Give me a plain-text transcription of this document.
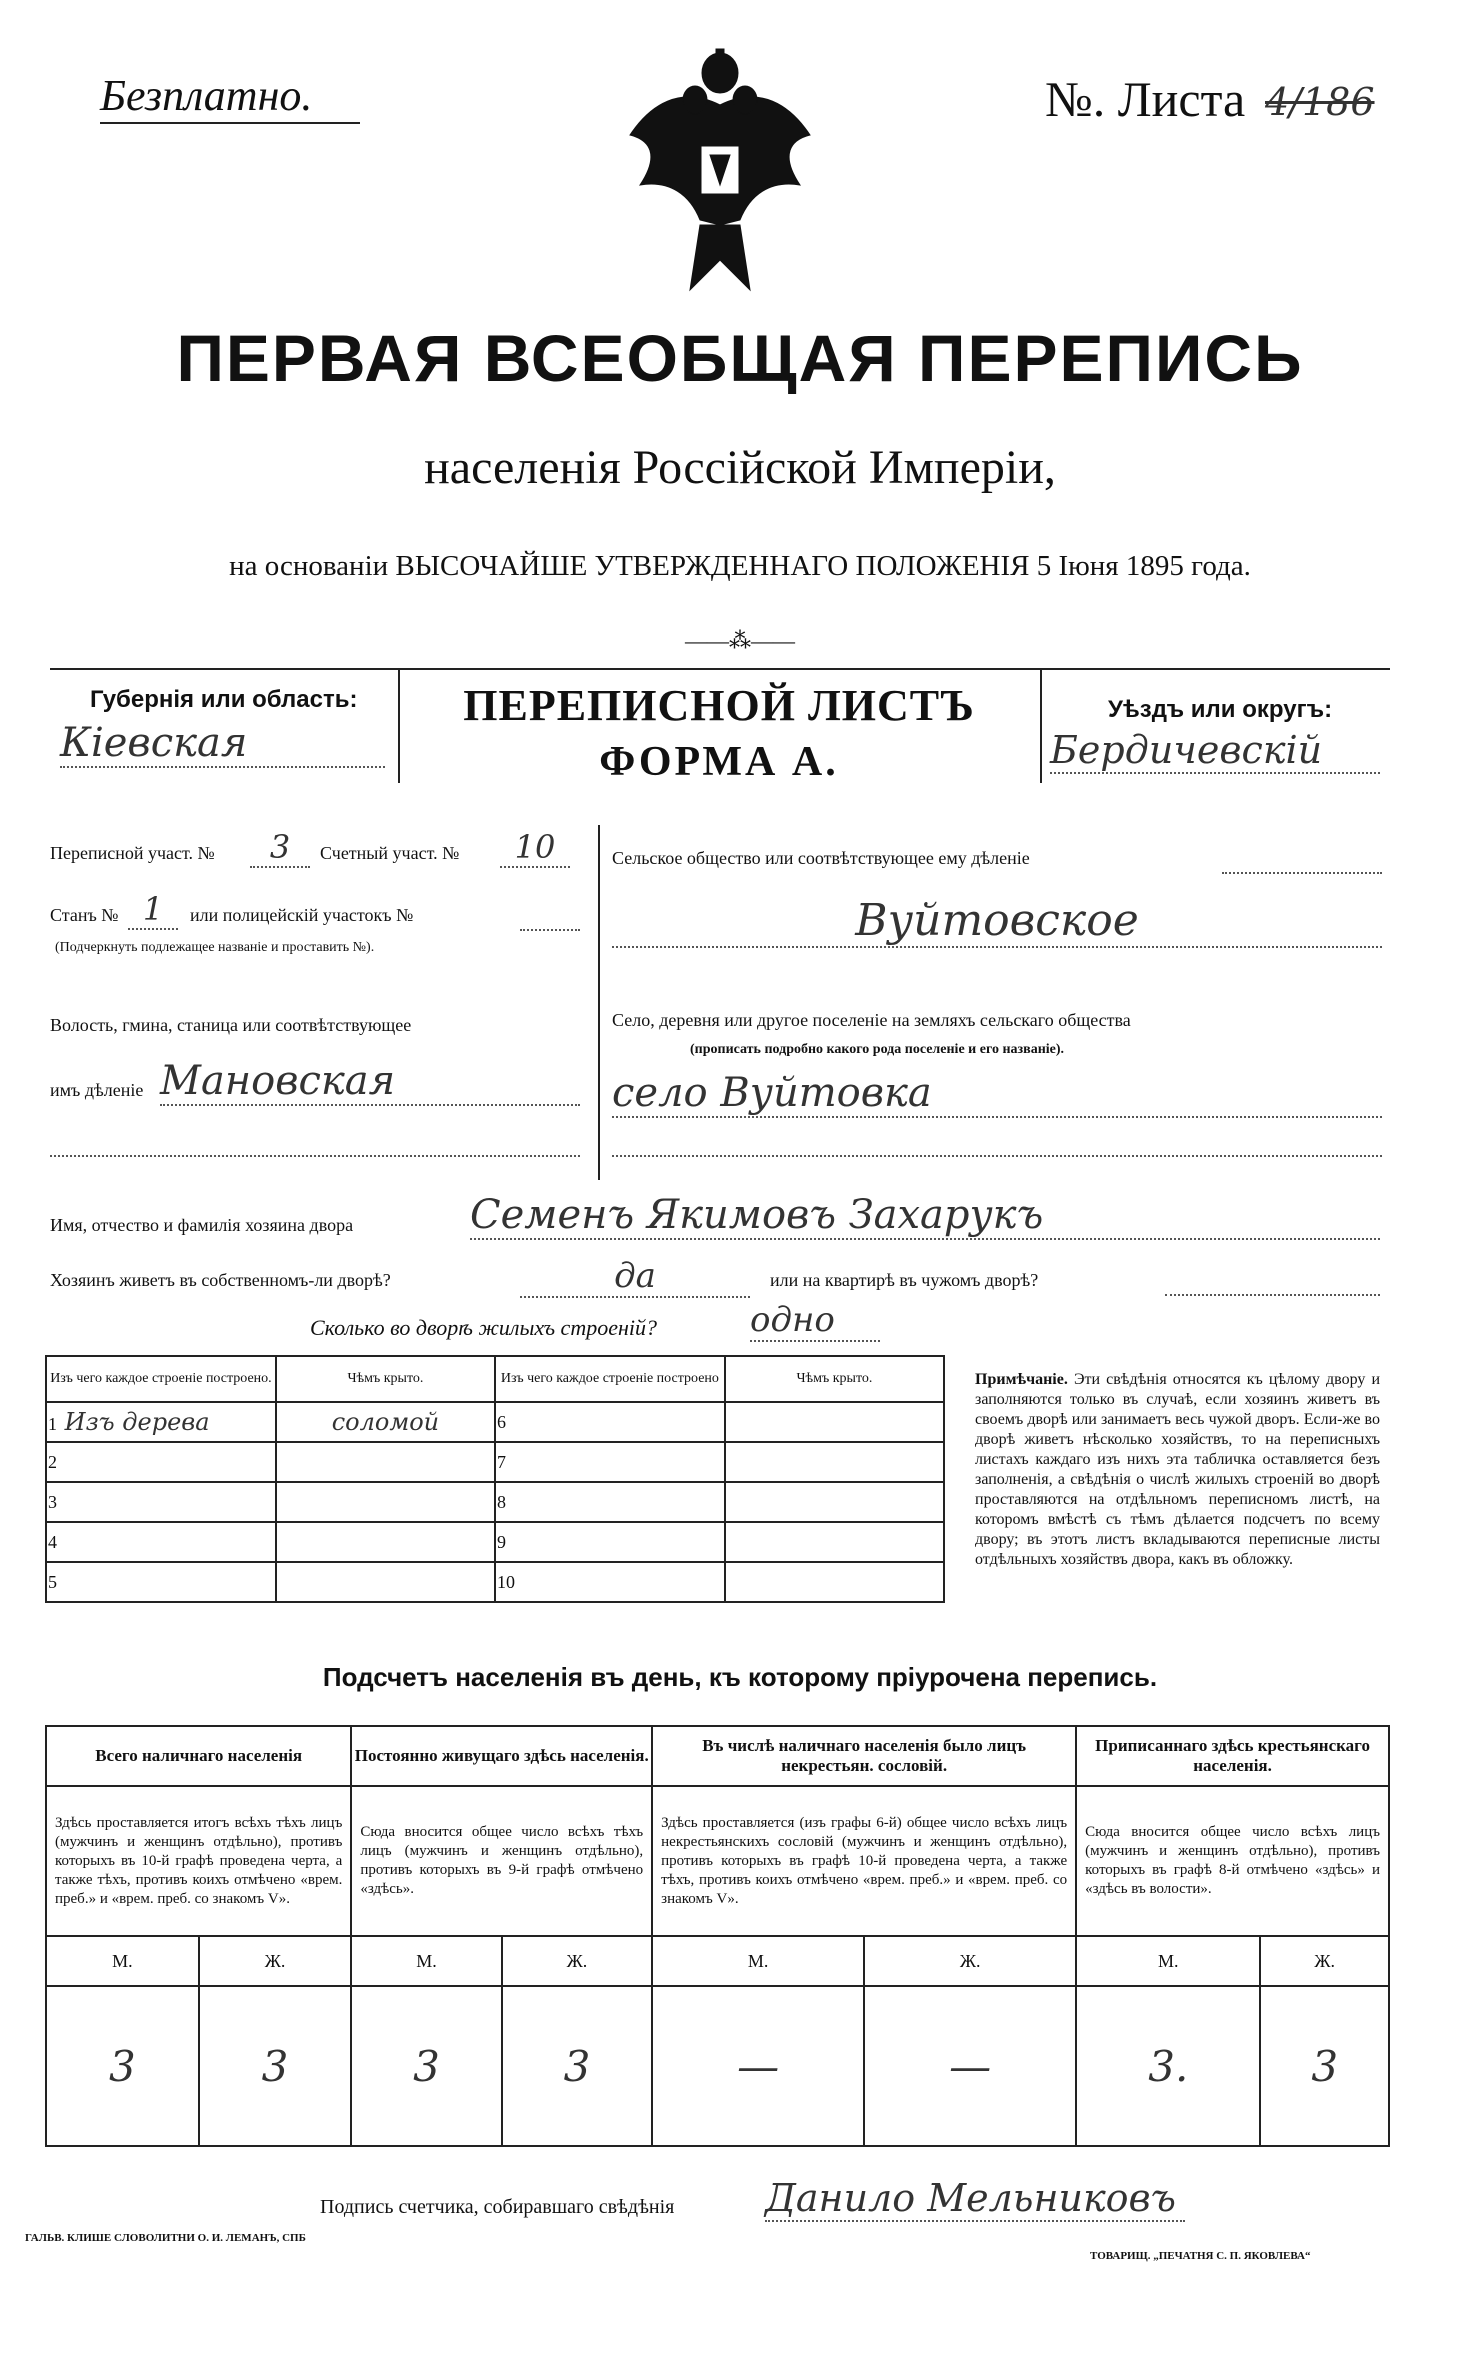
Безплатно.	№. Листа 4/186
ПЕРВАЯ ВСЕОБЩАЯ ПЕРЕПИСЬ
населенія Россійской Имперіи,
на основаніи ВЫСОЧАЙШЕ УТВЕРЖДЕННАГО ПОЛОЖЕНІЯ 5 Іюня 1895 года.
——⁂——
Губернія или область:
Кіевская
ПЕРЕПИСНОЙ ЛИСТЪ
ФОРМА А.
Уѣздъ или округъ:
Бердичевскій
Переписной участ. №	3	Счетный участ. №	10
Станъ № 1	или полицейскій участокъ №
(Подчеркнуть подлежащее названіе и проставить №).
Волость, гмина, станица или соотвѣтствующее
имъ дѣленіе Мановская
Сельское общество или соотвѣтствующее ему дѣленіе
Вуйтовское
Село, деревня или другое поселеніе на земляхъ сельскаго общества
(прописать подробно какого рода поселеніе и его названіе).
село Вуйтовка
Имя, отчество и фамилія хозяина двора	Семенъ Якимовъ Захарукъ
Хозяинъ живетъ въ собственномъ-ли дворѣ?	да	или на квартирѣ въ чужомъ дворѣ?
Сколько во дворѣ жилыхъ строеній?	одно
Изъ чего каждое строеніе построено.	Чѣмъ крыто.	Изъ чего каждое строеніе построено	Чѣмъ крыто.
1 Изъ дерева	соломой	6	
2		7	
3		8	
4		9	
5		10	
Примѣчаніе. Эти свѣдѣнія относятся къ цѣлому двору и заполняются только въ случаѣ, если хозяинъ живетъ въ своемъ дворѣ или занимаетъ весь чужой дворъ. Если-же во дворѣ живетъ нѣсколько хозяйствъ, то на переписныхъ листахъ каждаго изъ нихъ эта табличка оставляется безъ заполненія, а свѣдѣнія о числѣ жилыхъ строеній во дворѣ проставляются на отдѣльномъ переписномъ листѣ, на которомъ вмѣстѣ съ тѣмъ дѣлается подсчетъ по всему двору; въ этотъ листъ вкладываются переписные листы отдѣльныхъ хозяйствъ двора, какъ въ обложку.
Подсчетъ населенія въ день, къ которому пріурочена перепись.
Всего наличнаго населенія		Постоянно живущаго здѣсь населенія.		Въ числѣ наличнаго населенія было лицъ некрестьян. сословій.		Приписаннаго здѣсь крестьянскаго населенія.	
Здѣсь проставляется итогъ всѣхъ тѣхъ лицъ (мужчинъ и женщинъ отдѣльно), противъ которыхъ въ 10-й графѣ проведена черта, а также тѣхъ, противъ коихъ отмѣчено «врем. преб.» и «врем. преб. со знакомъ V».		Сюда вносится общее число всѣхъ тѣхъ лицъ (мужчинъ и женщинъ отдѣльно), противъ которыхъ въ 9-й графѣ отмѣчено «здѣсь».		Здѣсь проставляется (изъ графы 6-й) общее число всѣхъ лицъ некрестьянскихъ сословій (мужчинъ и женщинъ отдѣльно), противъ которыхъ въ графѣ 10-й проведена черта, а также тѣхъ, противъ коихъ отмѣчено «врем. преб.» и «врем. преб. со знакомъ V».		Сюда вносится общее число всѣхъ лицъ (мужчинъ и женщинъ отдѣльно), противъ которыхъ въ графѣ 8-й отмѣчено «здѣсь» и «здѣсь въ волости».	
М.	Ж.	М.	Ж.	М.	Ж.	М.	Ж.
3	3	3	3	—	—	3.	3
Подпись счетчика, собиравшаго свѣдѣнія Данило Мельниковъ
ГАЛЬВ. КЛИШЕ СЛОВОЛИТНИ О. И. ЛЕМАНЪ, СПБ
ТОВАРИЩ. „ПЕЧАТНЯ С. П. ЯКОВЛЕВА“
